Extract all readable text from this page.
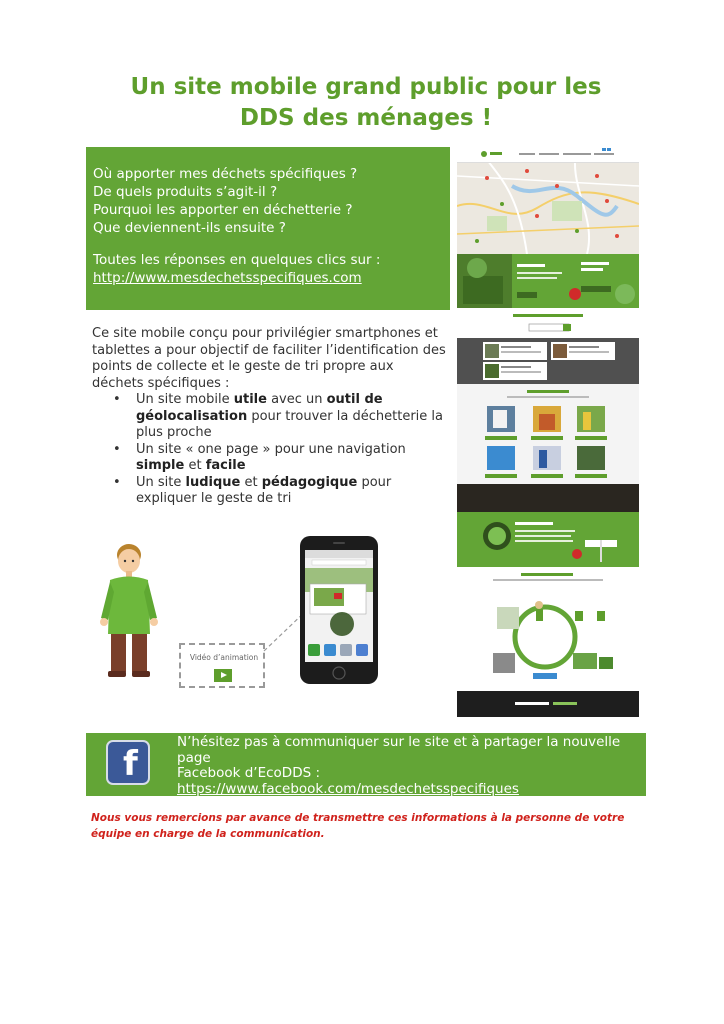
Un site mobile grand public pour les
DDS des ménages !

Où apporter mes déchets spécifiques ?

De quels produits s’agit-il ?

Pourquoi les apporter en déchetterie ?

Que deviennent-ils ensuite ?

Toutes les réponses en quelques clics sur :

http://www.mesdechetsspecifiques.com

Ce site mobile conçu pour privilégier smartphones et tablettes a pour objectif de faciliter l’identification des points de collecte et le geste de tri propre aux déchets spécifiques :

• Un site mobile utile avec un outil de géolocalisation pour trouver la déchetterie la plus proche
• Un site « one page » pour une navigation simple et facile
• Un site ludique et pédagogique pour expliquer le geste de tri
Vidéo d’animation
f
N’hésitez pas à communiquer sur le site et à partager la nouvelle page
Facebook d’EcoDDS :
https://www.facebook.com/mesdechetsspecifiques
Nous vous remercions par avance de transmettre ces informations à la personne de votre équipe en charge de la communication.
